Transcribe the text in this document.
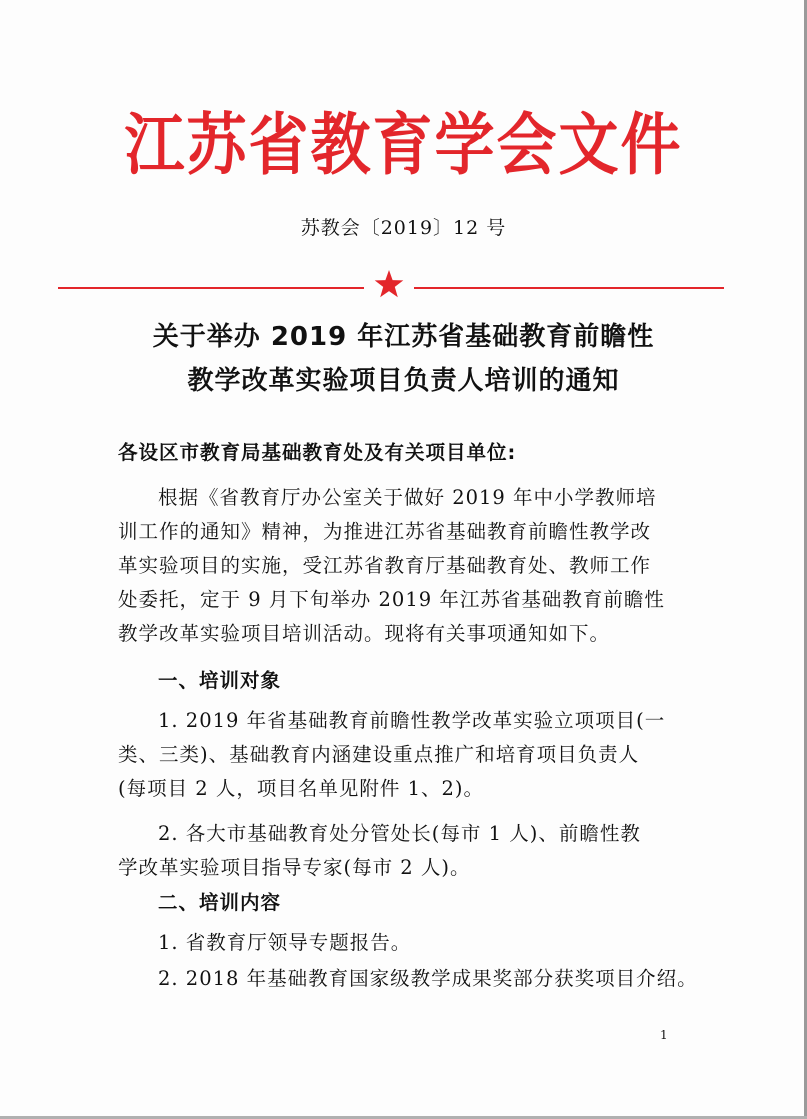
江苏省教育学会文件
苏教会〔2019〕12 号
关于举办 2019 年江苏省基础教育前瞻性
教学改革实验项目负责人培训的通知
各设区市教育局基础教育处及有关项目单位:
根据《省教育厅办公室关于做好 2019 年中小学教师培
训工作的通知》精神，为推进江苏省基础教育前瞻性教学改
革实验项目的实施，受江苏省教育厅基础教育处、教师工作
处委托，定于 9 月下旬举办 2019 年江苏省基础教育前瞻性
教学改革实验项目培训活动。现将有关事项通知如下。
一、培训对象
1. 2019 年省基础教育前瞻性教学改革实验立项项目(一
类、三类)、基础教育内涵建设重点推广和培育项目负责人
(每项目 2 人，项目名单见附件 1、2)。
2. 各大市基础教育处分管处长(每市 1 人)、前瞻性教
学改革实验项目指导专家(每市 2 人)。
二、培训内容
1. 省教育厅领导专题报告。
2. 2018 年基础教育国家级教学成果奖部分获奖项目介绍。
1
